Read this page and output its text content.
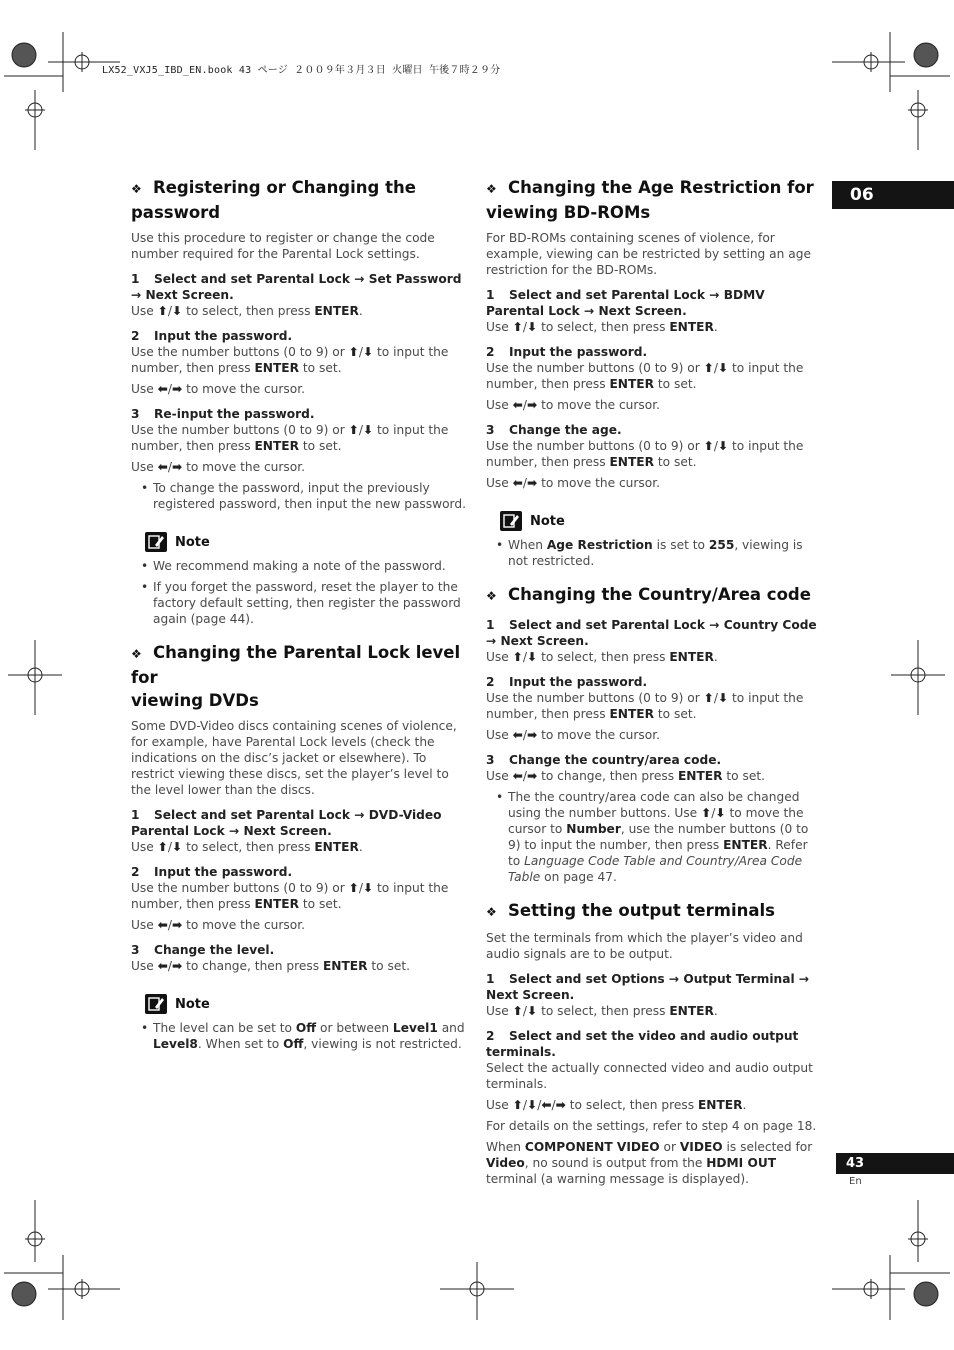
LX52_VXJ5_IBD_EN.book 43 ページ ２００９年３月３日 火曜日 午後７時２９分
06
43
En
❖ Registering or Changing the
password

Use this procedure to register or change the code number required for the Parental Lock settings.

1 Select and set Parental Lock → Set Password → Next Screen.

Use ⬆/⬇ to select, then press ENTER.

2 Input the password.

Use the number buttons (0 to 9) or ⬆/⬇ to input the number, then press ENTER to set.

Use ⬅/➡ to move the cursor.

3 Re-input the password.

Use the number buttons (0 to 9) or ⬆/⬇ to input the number, then press ENTER to set.

Use ⬅/➡ to move the cursor.

• To change the password, input the previously registered password, then input the new password.
Note
• We recommend making a note of the password.
• If you forget the password, reset the player to the factory default setting, then register the password again (page 44).
❖ Changing the Parental Lock level for
viewing DVDs

Some DVD-Video discs containing scenes of violence, for example, have Parental Lock levels (check the indications on the disc’s jacket or elsewhere). To restrict viewing these discs, set the player’s level to the level lower than the discs.

1 Select and set Parental Lock → DVD-Video Parental Lock → Next Screen.

Use ⬆/⬇ to select, then press ENTER.

2 Input the password.

Use the number buttons (0 to 9) or ⬆/⬇ to input the number, then press ENTER to set.

Use ⬅/➡ to move the cursor.

3 Change the level.

Use ⬅/➡ to change, then press ENTER to set.

Note
• The level can be set to Off or between Level1 and Level8. When set to Off, viewing is not restricted.
❖ Changing the Age Restriction for
viewing BD-ROMs

For BD-ROMs containing scenes of violence, for example, viewing can be restricted by setting an age restriction for the BD-ROMs.

1 Select and set Parental Lock → BDMV Parental Lock → Next Screen.

Use ⬆/⬇ to select, then press ENTER.

2 Input the password.

Use the number buttons (0 to 9) or ⬆/⬇ to input the number, then press ENTER to set.

Use ⬅/➡ to move the cursor.

3 Change the age.

Use the number buttons (0 to 9) or ⬆/⬇ to input the number, then press ENTER to set.

Use ⬅/➡ to move the cursor.

Note
• When Age Restriction is set to 255, viewing is not restricted.
❖ Changing the Country/Area code

1 Select and set Parental Lock → Country Code → Next Screen.

Use ⬆/⬇ to select, then press ENTER.

2 Input the password.

Use the number buttons (0 to 9) or ⬆/⬇ to input the number, then press ENTER to set.

Use ⬅/➡ to move the cursor.

3 Change the country/area code.

Use ⬅/➡ to change, then press ENTER to set.

• The the country/area code can also be changed using the number buttons. Use ⬆/⬇ to move the cursor to Number, use the number buttons (0 to 9) to input the number, then press ENTER. Refer to Language Code Table and Country/Area Code Table on page 47.
❖ Setting the output terminals

Set the terminals from which the player’s video and audio signals are to be output.

1 Select and set Options → Output Terminal → Next Screen.

Use ⬆/⬇ to select, then press ENTER.

2 Select and set the video and audio output terminals.

Select the actually connected video and audio output terminals.

Use ⬆/⬇/⬅/➡ to select, then press ENTER.

For details on the settings, refer to step 4 on page 18.

When COMPONENT VIDEO or VIDEO is selected for Video, no sound is output from the HDMI OUT terminal (a warning message is displayed).
